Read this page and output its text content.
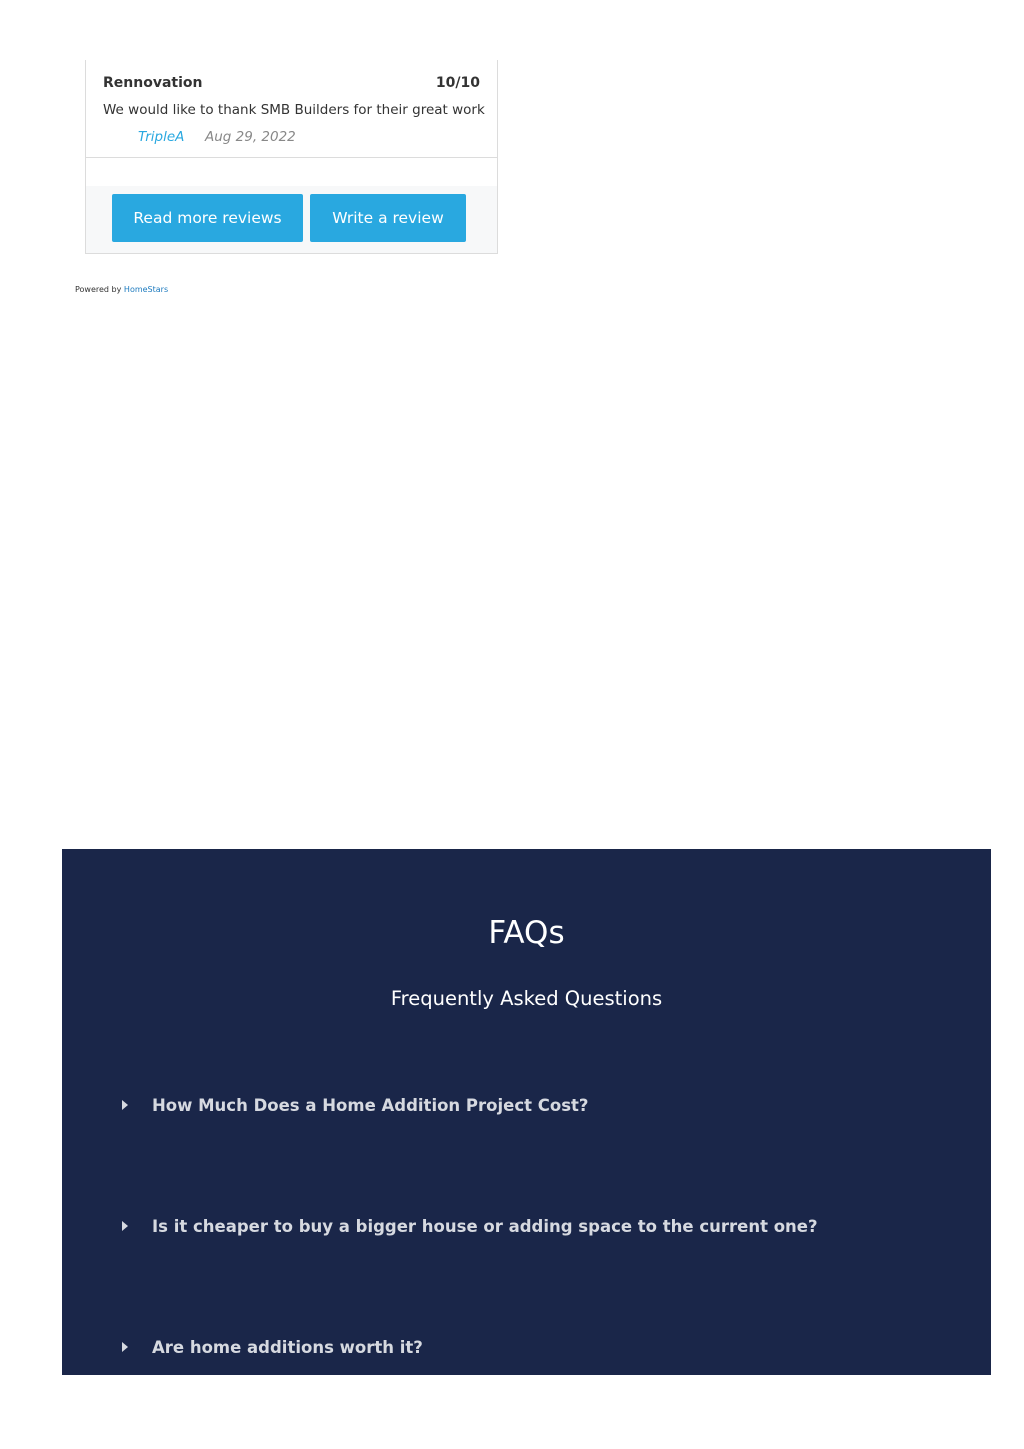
Rennovation	10/10
We would like to thank SMB Builders for their great work
TripleA Aug 29, 2022
Read more reviews	Write a review
Powered by HomeStars
FAQs
Frequently Asked Questions
How Much Does a Home Addition Project Cost?
Is it cheaper to buy a bigger house or adding space to the current one?
Are home additions worth it?
